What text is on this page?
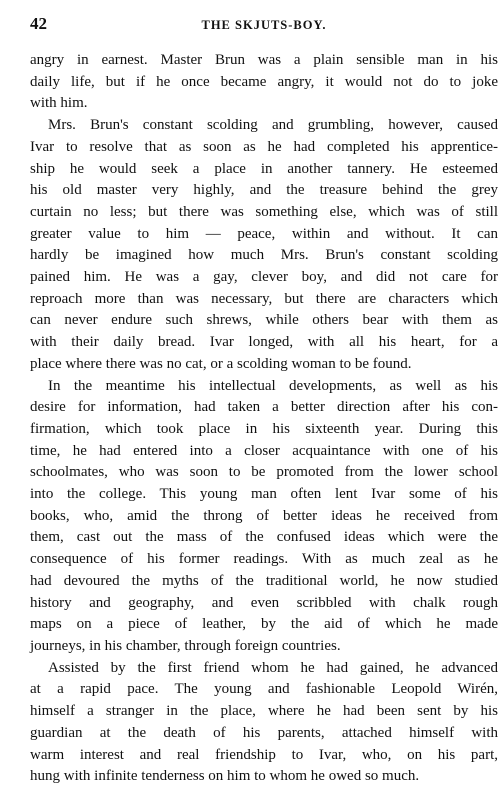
42	THE SKJUTS-BOY.

angry in earnest. Master Brun was a plain sensible man in his
daily life, but if he once became angry, it would not do to joke
with him.

Mrs. Brun's constant scolding and grumbling, however, caused
Ivar to resolve that as soon as he had completed his apprentice-
ship he would seek a place in another tannery. He esteemed
his old master very highly, and the treasure behind the grey
curtain no less; but there was something else, which was of still
greater value to him — peace, within and without. It can
hardly be imagined how much Mrs. Brun's constant scolding
pained him. He was a gay, clever boy, and did not care for
reproach more than was necessary, but there are characters which
can never endure such shrews, while others bear with them as
with their daily bread. Ivar longed, with all his heart, for a
place where there was no cat, or a scolding woman to be found.

In the meantime his intellectual developments, as well as his
desire for information, had taken a better direction after his con-
firmation, which took place in his sixteenth year. During this
time, he had entered into a closer acquaintance with one of his
schoolmates, who was soon to be promoted from the lower school
into the college. This young man often lent Ivar some of his
books, who, amid the throng of better ideas he received from
them, cast out the mass of the confused ideas which were the
consequence of his former readings. With as much zeal as he
had devoured the myths of the traditional world, he now studied
history and geography, and even scribbled with chalk rough
maps on a piece of leather, by the aid of which he made
journeys, in his chamber, through foreign countries.

Assisted by the first friend whom he had gained, he advanced
at a rapid pace. The young and fashionable Leopold Wirén,
himself a stranger in the place, where he had been sent by his
guardian at the death of his parents, attached himself with
warm interest and real friendship to Ivar, who, on his part,
hung with infinite tenderness on him to whom he owed so much.
